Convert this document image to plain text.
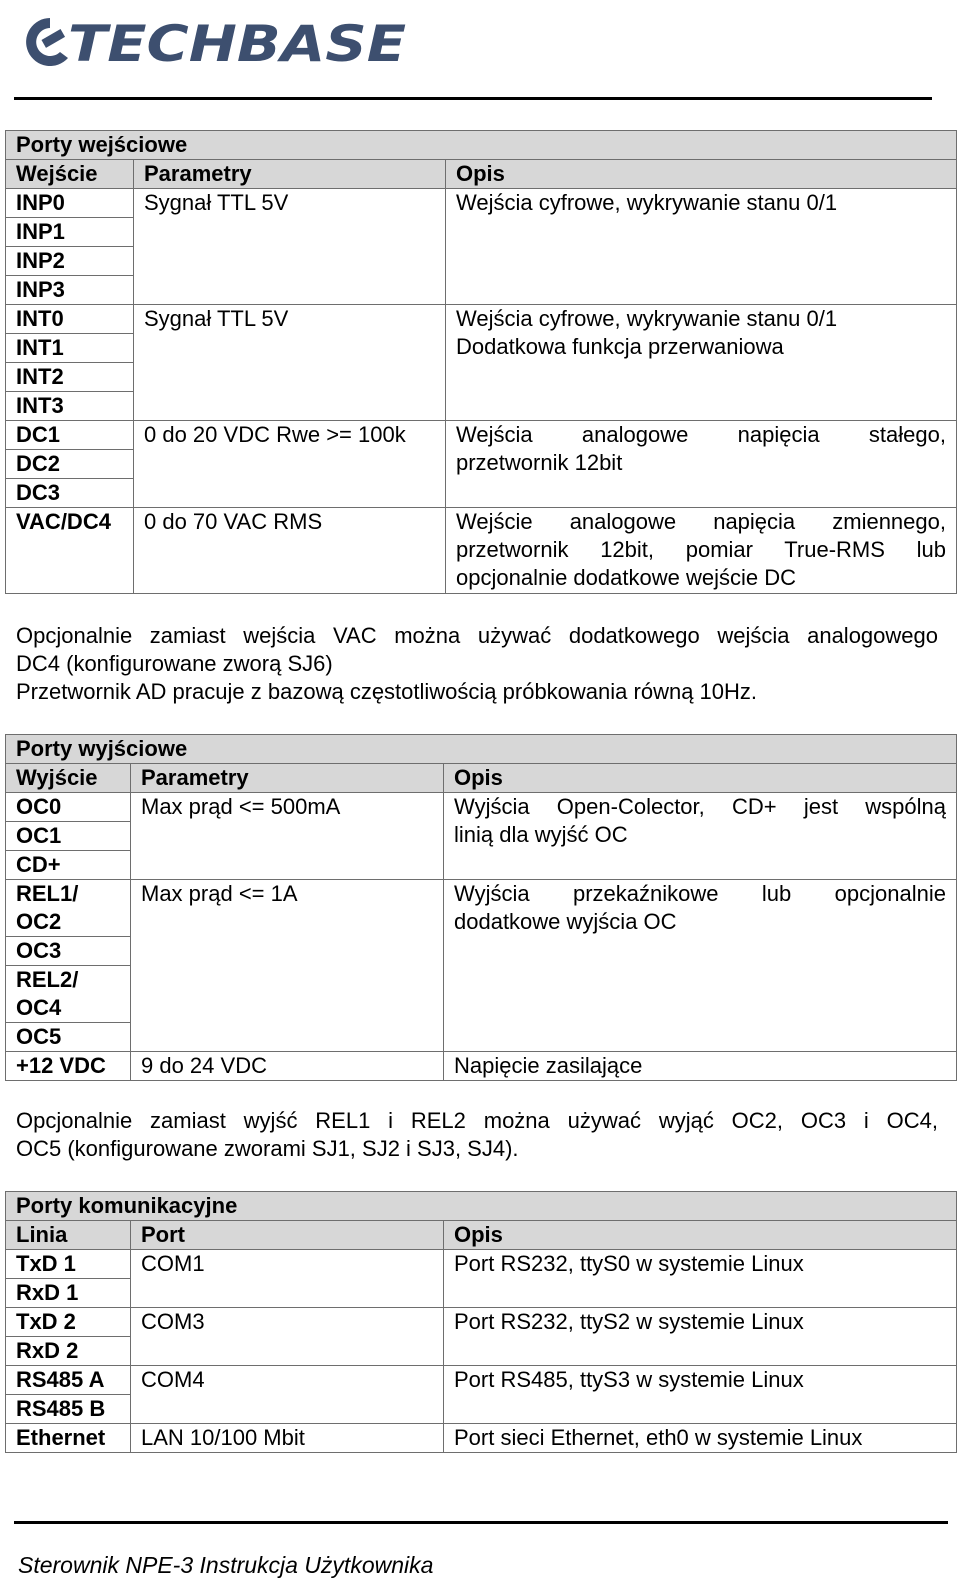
TECHBASE
Porty wejściowe		
Wejście	Parametry	Opis
INP0	Sygnał TTL 5V	Wejścia cyfrowe, wykrywanie stanu 0/1
INP1		
INP2		
INP3		
INT0	Sygnał TTL 5V	Wejścia cyfrowe, wykrywanie stanu 0/1
Dodatkowa funkcja przerwaniowa

INT1		
INT2		
INT3		
DC1	0 do 20 VDC Rwe >= 100k	Wejścia analogowe napięcia stałego,
przetwornik 12bit

DC2		
DC3		
VAC/DC4	0 do 70 VAC RMS	Wejście analogowe napięcia zmiennego,
przetwornik 12bit, pomiar True-RMS lub
opcjonalnie dodatkowe wejście DC
Opcjonalnie zamiast wejścia VAC można używać dodatkowego wejścia analogowego
DC4 (konfigurowane zworą SJ6)
Przetwornik AD pracuje z bazową częstotliwością próbkowania równą 10Hz.
Porty wyjściowe		
Wyjście	Parametry	Opis
OC0	Max prąd <= 500mA	Wyjścia Open-Colector, CD+ jest wspólną
linią dla wyjść OC

OC1		
CD+		

REL1/
OC2	Max prąd <= 1A	Wyjścia przekaźnikowe lub opcjonalnie
dodatkowe wyjścia OC

OC3		

REL2/
OC4		

OC5		
+12 VDC	9 do 24 VDC	Napięcie zasilające
Opcjonalnie zamiast wyjść REL1 i REL2 można używać wyjąć OC2, OC3 i OC4,
OC5 (konfigurowane zworami SJ1, SJ2 i SJ3, SJ4).
Porty komunikacyjne		
Linia	Port	Opis
TxD 1	COM1	Port RS232, ttyS0 w systemie Linux
RxD 1		
TxD 2	COM3	Port RS232, ttyS2 w systemie Linux
RxD 2		
RS485 A	COM4	Port RS485, ttyS3 w systemie Linux
RS485 B		
Ethernet	LAN 10/100 Mbit	Port sieci Ethernet, eth0 w systemie Linux
Sterownik NPE-3 Instrukcja Użytkownika
